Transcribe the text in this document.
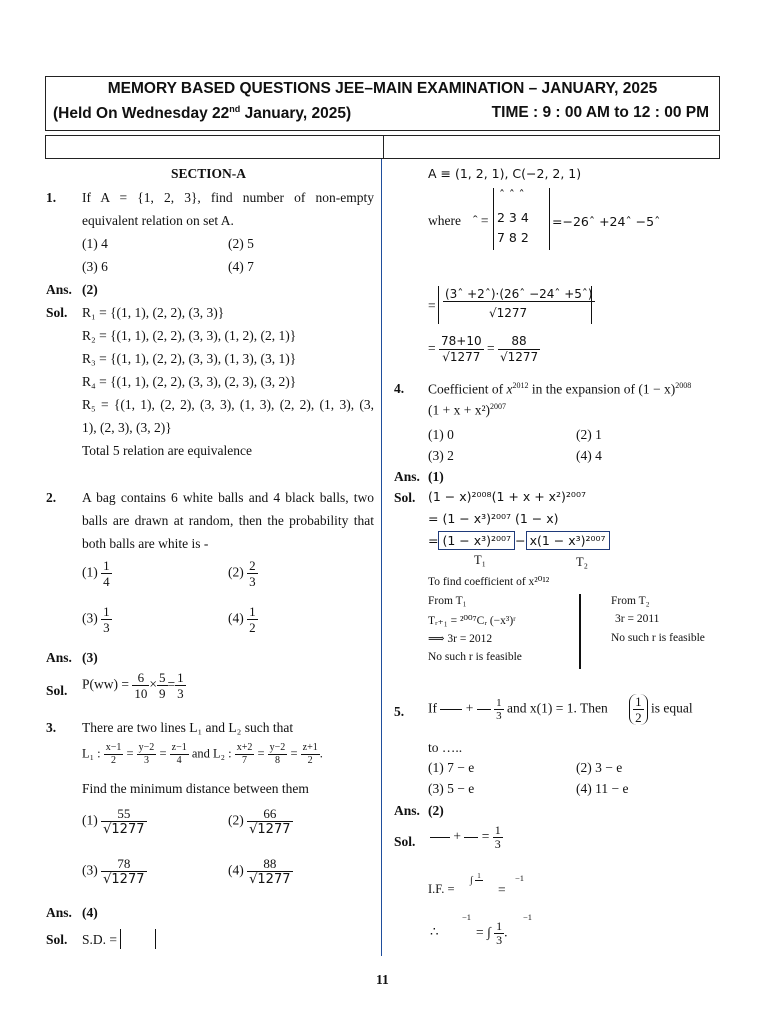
MEMORY BASED QUESTIONS JEE–MAIN EXAMINATION – JANUARY, 2025
(Held On Wednesday 22nd January, 2025)	TIME : 9 : 00 AM to 12 : 00 PM
SECTION-A
1. If A = {1, 2, 3}, find number of non-empty
equivalent relation on set A.
(1) 4	(2) 5
(3) 6	(4) 7
Ans. (2)
Sol. R₁ = {(1, 1), (2, 2), (3, 3)}
R₂ = {(1, 1), (2, 2), (3, 3), (1, 2), (2, 1)}
R₃ = {(1, 1), (2, 2), (3, 3), (1, 3), (3, 1)}
R₄ = {(1, 1), (2, 2), (3, 3), (2, 3), (3, 2)}
R₅ = {(1, 1), (2, 2), (3, 3), (1, 3), (2, 2), (1, 3), (3,
1), (2, 3), (3, 2)}
Total 5 relation are equivalence
2. A bag contains 6 white balls and 4 black balls, two
balls are drawn at random, then the probability that
both balls are white is -
$(1) \frac{1}{4}$	$(2) \frac{2}{3}$
$(3) \frac{1}{3}$	$(4) \frac{1}{2}$
Ans. (3)
Sol. $P(ww) = \frac{6}{10} \times \frac{5}{9} = \frac{1}{3}$
3. There are two lines L₁ and L₂ such that
L₁ : $\frac{x-1}{2} = \frac{y-2}{3} = \frac{z-1}{4}$ and L₂ : $\frac{x+2}{7} = \frac{y-2}{8} = \frac{z+1}{2}$ .
Find the minimum distance between them
$(1) \frac{55}{√1277}$	$(2) \frac{66}{√1277}$
$(3) \frac{78}{√1277}$	$(4) \frac{88}{√1277}$
Ans. (4)
Sol. S.D. =
A ≡ (1, 2, 1), C(−2, 2, 1)
where ˆ =
ˆ ˆ ˆ
2 3 4
7 8 2
=−26ˆ +24ˆ −5ˆ
=
(3ˆ +2ˆ)·(26ˆ −24ˆ +5ˆ)
√1277
= $\frac{78+10}{√1277} = \frac{88}{√1277}$
4. Coefficient of $x^{2012}$ in the expansion of $(1 - x)^{2008}$
$(1 + x + x^2)^{2007}$
(1) 0	(2) 1
(3) 2	(4) 4
Ans. (1)
Sol. (1 − x)²⁰⁰⁸(1 + x + x²)²⁰⁰⁷
= (1 − x³)²⁰⁰⁷ (1 − x)
= (1 − x³)²⁰⁰⁷ − x(1 − x³)²⁰⁰⁷
T₁	T₂
To find coefficient of x²⁰¹²
From T₁
Tᵣ₊₁ = ²⁰⁰⁷Cᵣ (−x³)ʳ
⟹ 3r = 2012
No such r is feasible
From T₂
3r = 2011
No such r is feasible
5. $If + \frac{1}{3}$ and x(1) = 1. Then $\frac{1}{2}$ is equal
to …..
(1) 7 − e	(2) 3 − e
(3) 5 − e	(4) 11 − e
Ans. (2)
Sol.	+  = $\frac{1}{3}$
I.F. =
∫ 1

=
−1
∴
−1
= ∫ $\frac{1}{3}$ .
−1
11
